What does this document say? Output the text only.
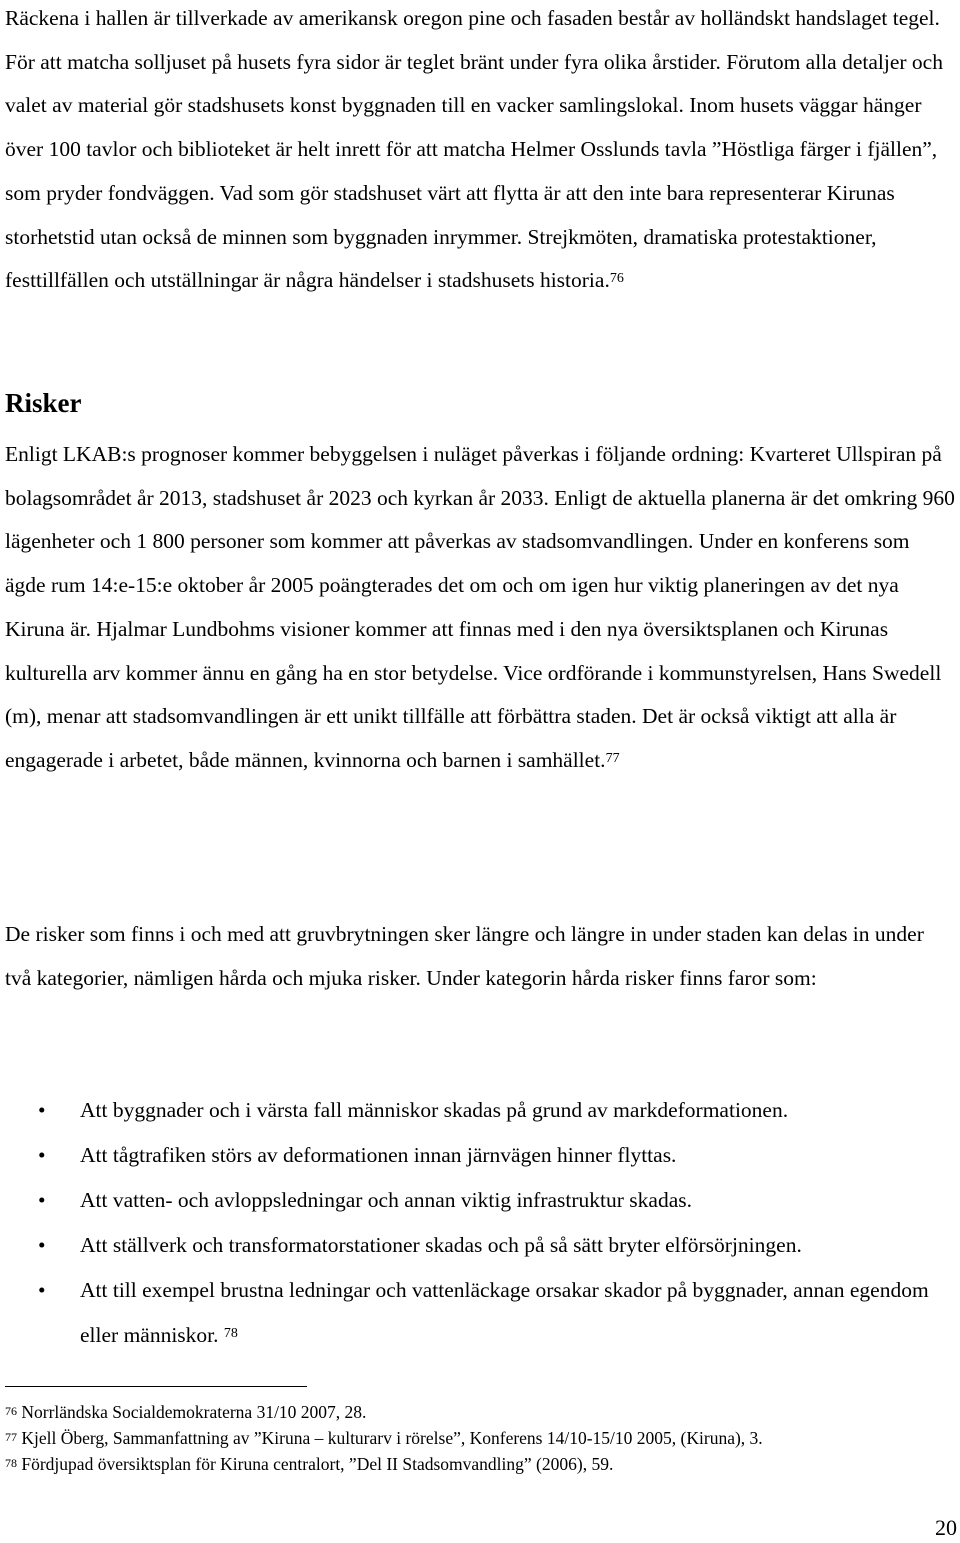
Räckena i hallen är tillverkade av amerikansk oregon pine och fasaden består av holländskt handslaget tegel. För att matcha solljuset på husets fyra sidor är teglet bränt under fyra olika årstider. Förutom alla detaljer och valet av material gör stadshusets konst byggnaden till en vacker samlingslokal. Inom husets väggar hänger över 100 tavlor och biblioteket är helt inrett för att matcha Helmer Osslunds tavla ”Höstliga färger i fjällen”, som pryder fondväggen. Vad som gör stadshuset värt att flytta är att den inte bara representerar Kirunas storhetstid utan också de minnen som byggnaden inrymmer. Strejkmöten, dramatiska protestaktioner, festtillfällen och utställningar är några händelser i stadshusets historia.$^{76}$

Risker

Enligt LKAB:s prognoser kommer bebyggelsen i nuläget påverkas i följande ordning: Kvarteret Ullspiran på bolagsområdet år 2013, stadshuset år 2023 och kyrkan år 2033. Enligt de aktuella planerna är det omkring 960 lägenheter och 1 800 personer som kommer att påverkas av stadsomvandlingen. Under en konferens som ägde rum 14:e-15:e oktober år 2005 poängterades det om och om igen hur viktig planeringen av det nya Kiruna är. Hjalmar Lundbohms visioner kommer att finnas med i den nya översiktsplanen och Kirunas kulturella arv kommer ännu en gång ha en stor betydelse. Vice ordförande i kommunstyrelsen, Hans Swedell (m), menar att stadsomvandlingen är ett unikt tillfälle att förbättra staden. Det är också viktigt att alla är engagerade i arbetet, både männen, kvinnorna och barnen i samhället.$^{77}$

De risker som finns i och med att gruvbrytningen sker längre och längre in under staden kan delas in under två kategorier, nämligen hårda och mjuka risker. Under kategorin hårda risker finns faror som:

• Att byggnader och i värsta fall människor skadas på grund av markdeformationen.
• Att tågtrafiken störs av deformationen innan järnvägen hinner flyttas.
• Att vatten- och avloppsledningar och annan viktig infrastruktur skadas.
• Att ställverk och transformatorstationer skadas och på så sätt bryter elförsörjningen.
• Att till exempel brustna ledningar och vattenläckage orsakar skador på byggnader, annan egendom eller människor. $^{78}$
$^{76}$ Norrländska Socialdemokraterna 31/10 2007, 28.
$^{77}$ Kjell Öberg, Sammanfattning av ”Kiruna – kulturarv i rörelse”, Konferens 14/10-15/10 2005, (Kiruna), 3.
$^{78}$ Fördjupad översiktsplan för Kiruna centralort, ”Del II Stadsomvandling” (2006), 59.
20
